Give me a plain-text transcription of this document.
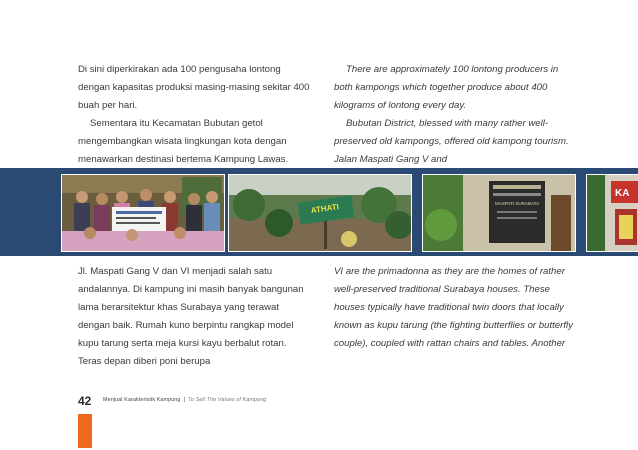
Di sini diperkirakan ada 100 pengusaha lontong dengan kapasitas produksi masing-masing sekitar 400 buah per hari.

Sementara itu Kecamatan Bubutan getol mengembangkan wisata lingkungan kota dengan menawarkan destinasi bertema Kampung Lawas.

There are approximately 100 lontong producers in both kampongs which together produce about 400 kilograms of lontong every day.

Bubutan District, blessed with many rather well-preserved old kampongs, offered old kampong tourism. Jalan Maspati Gang V and

ATHATI	MASPATI SURABAYA
KA

Jl. Maspati Gang V dan VI menjadi salah satu andalannya. Di kampung ini masih banyak bangunan lama berarsitektur khas Surabaya yang terawat dengan baik. Rumah kuno berpintu rangkap model kupu tarung serta meja kursi kayu berbalut rotan. Teras depan diberi poni berupa

VI are the primadonna as they are the homes of rather well-preserved traditional Surabaya houses. These houses typically have traditional twin doors that locally known as kupu tarung (the fighting butterflies or butterfly couple), coupled with rattan chairs and tables. Another

42 Menjual Karakteristik Kampung | To Sell The Values of Kampong
